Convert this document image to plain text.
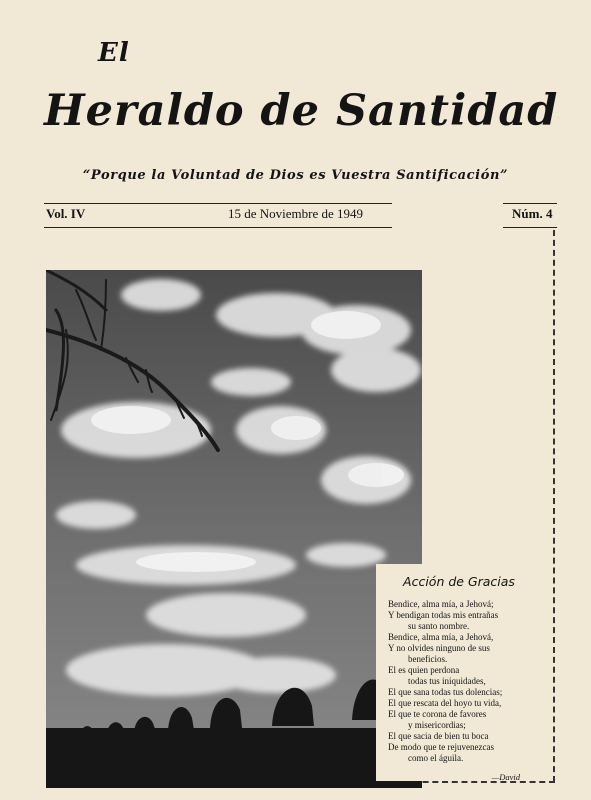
El
Heraldo de Santidad
“Porque la Voluntad de Dios es Vuestra Santificación”
Vol. IV	15 de Noviembre de 1949	Núm. 4
Acción de Gracias
Bendice, alma mía, a Jehová;
Y bendigan todas mis entrañas
su santo nombre.
Bendice, alma mía, a Jehová,
Y no olvides ninguno de sus
beneficios.
El es quien perdona
todas tus iniquidades,
El que sana todas tus dolencias;
El que rescata del hoyo tu vida,
El que te corona de favores
y misericordias;
El que sacia de bien tu boca
De modo que te rejuvenezcas
como el águila.
—David
